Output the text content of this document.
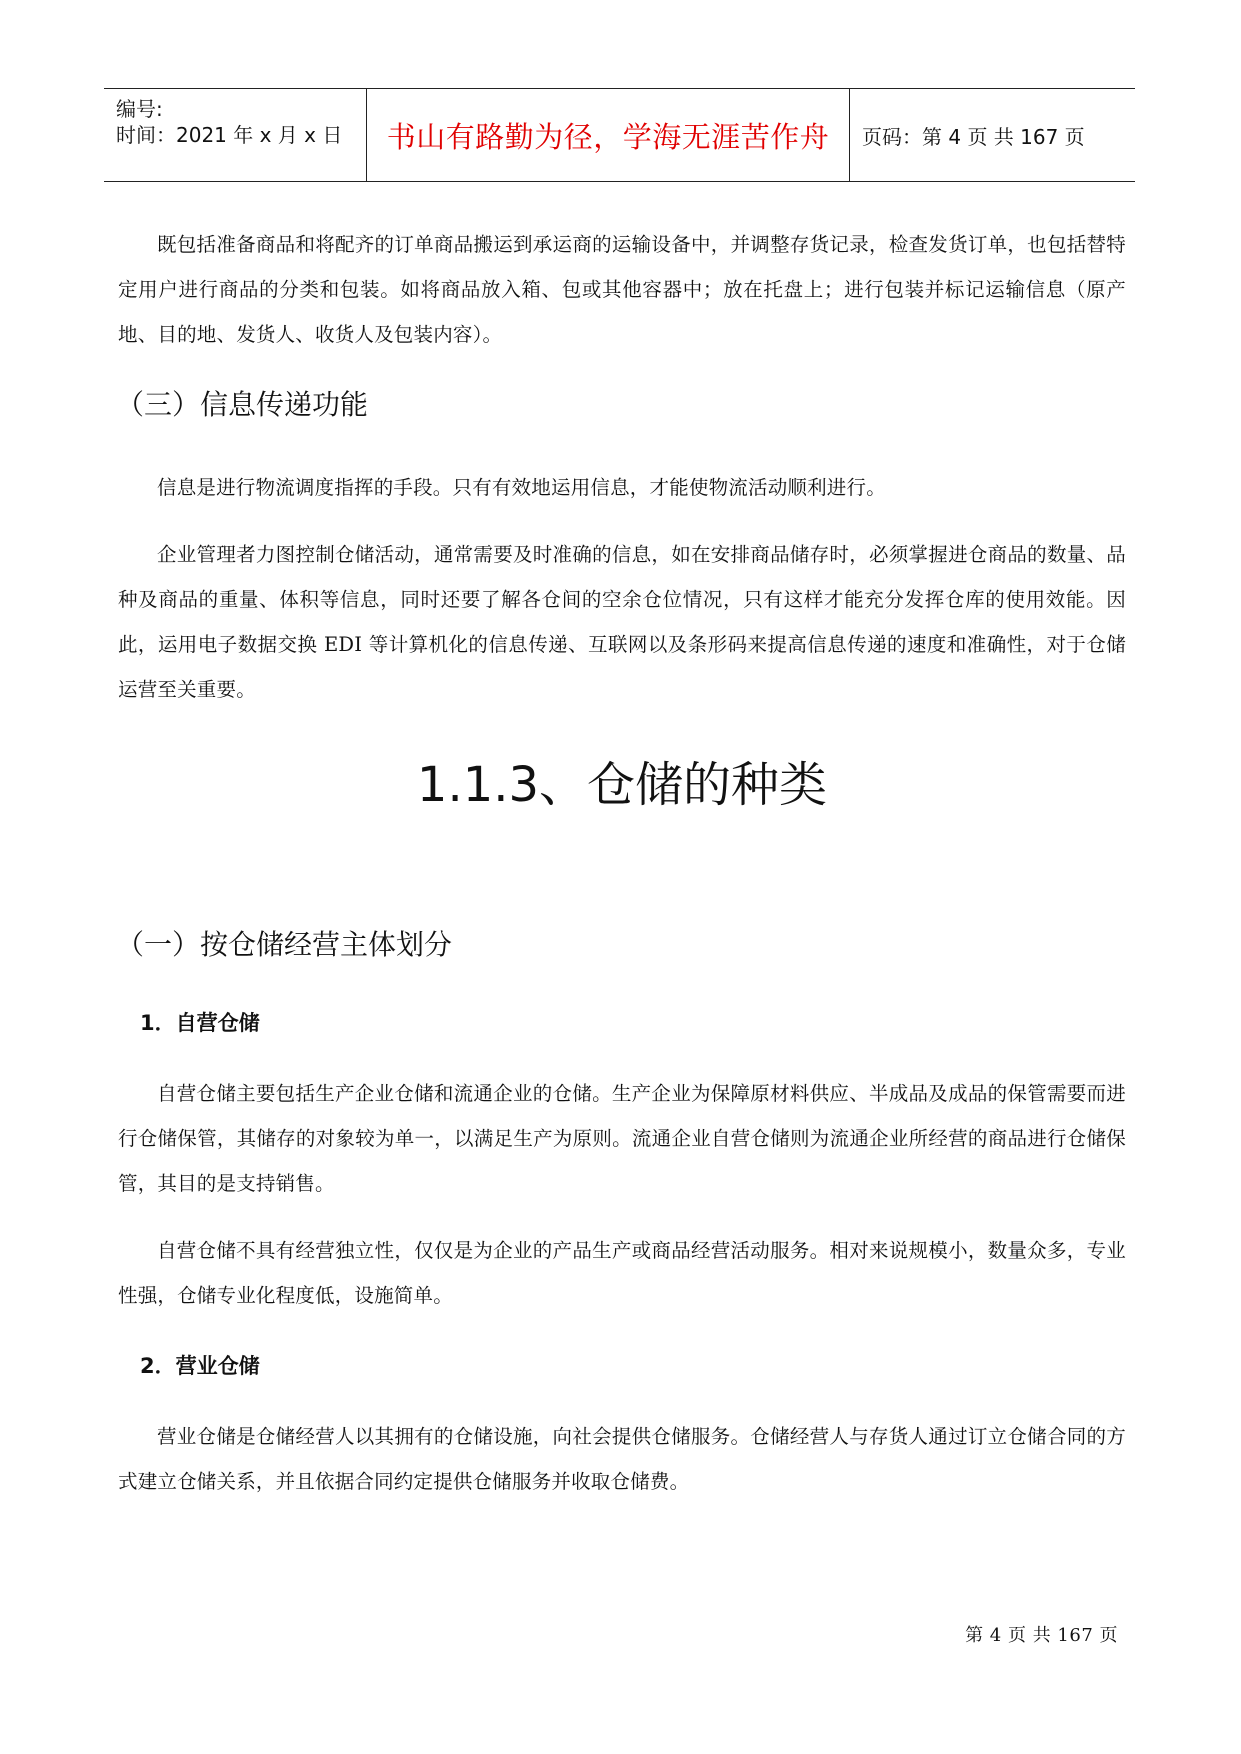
编号:
时间：2021 年 x 月 x 日	书山有路勤为径，学海无涯苦作舟	页码：第 4 页 共 167 页

既包括准备商品和将配齐的订单商品搬运到承运商的运输设备中，并调整存货记录，检查发货订单，也包括替特定用户进行商品的分类和包装。如将商品放入箱、包或其他容器中；放在托盘上；进行包装并标记运输信息（原产地、目的地、发货人、收货人及包装内容）。

（三）信息传递功能

信息是进行物流调度指挥的手段。只有有效地运用信息，才能使物流活动顺利进行。

企业管理者力图控制仓储活动，通常需要及时准确的信息，如在安排商品储存时，必须掌握进仓商品的数量、品种及商品的重量、体积等信息，同时还要了解各仓间的空余仓位情况，只有这样才能充分发挥仓库的使用效能。因此，运用电子数据交换 EDI 等计算机化的信息传递、互联网以及条形码来提高信息传递的速度和准确性，对于仓储运营至关重要。

1.1.3、仓储的种类
（一）按仓储经营主体划分
1．自营仓储

自营仓储主要包括生产企业仓储和流通企业的仓储。生产企业为保障原材料供应、半成品及成品的保管需要而进行仓储保管，其储存的对象较为单一，以满足生产为原则。流通企业自营仓储则为流通企业所经营的商品进行仓储保管，其目的是支持销售。

自营仓储不具有经营独立性，仅仅是为企业的产品生产或商品经营活动服务。相对来说规模小，数量众多，专业性强，仓储专业化程度低，设施简单。

2．营业仓储

营业仓储是仓储经营人以其拥有的仓储设施，向社会提供仓储服务。仓储经营人与存货人通过订立仓储合同的方式建立仓储关系，并且依据合同约定提供仓储服务并收取仓储费。

第 4 页 共 167 页
